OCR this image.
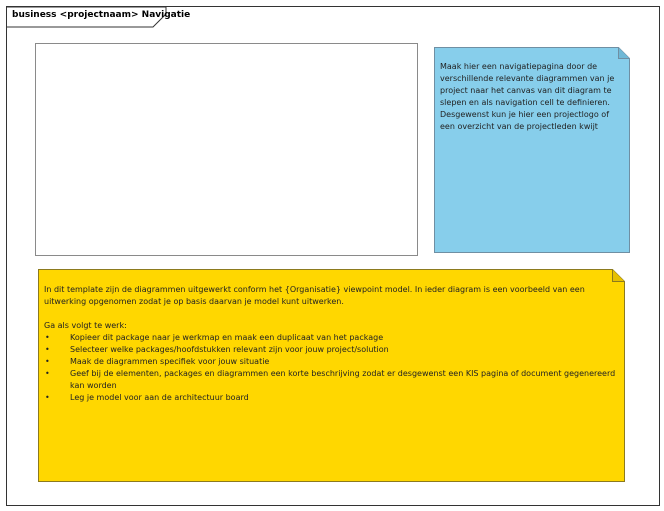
business <projectnaam> Navigatie
Maak hier een navigatiepagina door de verschillende relevante diagrammen van je project naar het canvas van dit diagram te slepen en als navigation cell te definieren. Desgewenst kun je hier een projectlogo of een overzicht van de projectleden kwijt

In dit template zijn de diagrammen uitgewerkt conform het {Organisatie} viewpoint model. In ieder diagram is een voorbeeld van een uitwerking opgenomen zodat je op basis daarvan je model kunt uitwerken.

Ga als volgt te werk:

•	Kopieer dit package naar je werkmap en maak een duplicaat van het package
•	Selecteer welke packages/hoofdstukken relevant zijn voor jouw project/solution
•	Maak de diagrammen specifiek voor jouw situatie
•	Geef bij de elementen, packages en diagrammen een korte beschrijving zodat er desgewenst een KIS pagina of document gegenereerd kan worden
•	Leg je model voor aan de architectuur board
